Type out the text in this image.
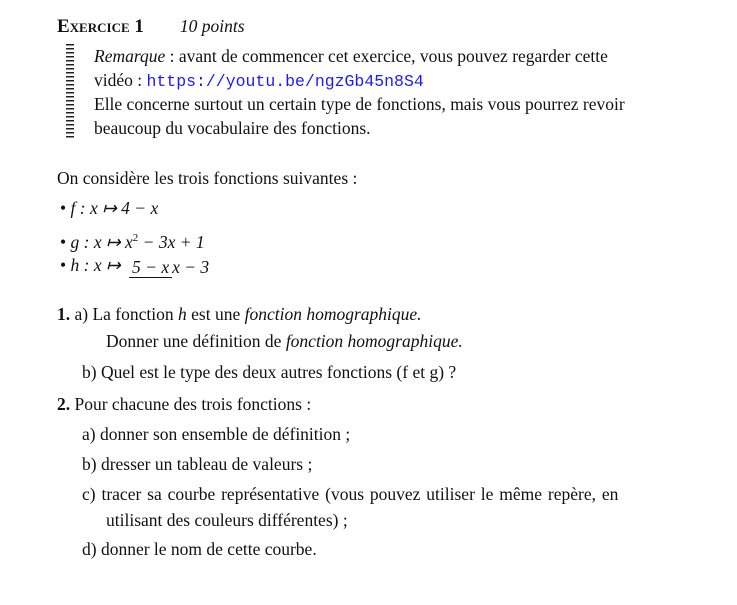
Exercice 1 10 points
Remarque : avant de commencer cet exercice, vous pouvez regarder cette
vidéo : https://youtu.be/ngzGb45n8S4
Elle concerne surtout un certain type de fonctions, mais vous pourrez revoir
beaucoup du vocabulaire des fonctions.
On considère les trois fonctions suivantes :
• f : x ↦ 4 − x
• g : x ↦ $x^2 - 3x + 1$
• h : x ↦ 5 − x x − 3
1. a) La fonction h est une fonction homographique.
Donner une définition de fonction homographique.
b) Quel est le type des deux autres fonctions (f et g) ?
2. Pour chacune des trois fonctions :
a) donner son ensemble de définition ;
b) dresser un tableau de valeurs ;
c) tracer sa courbe représentative (vous pouvez utiliser le même repère, en
utilisant des couleurs différentes) ;
d) donner le nom de cette courbe.
